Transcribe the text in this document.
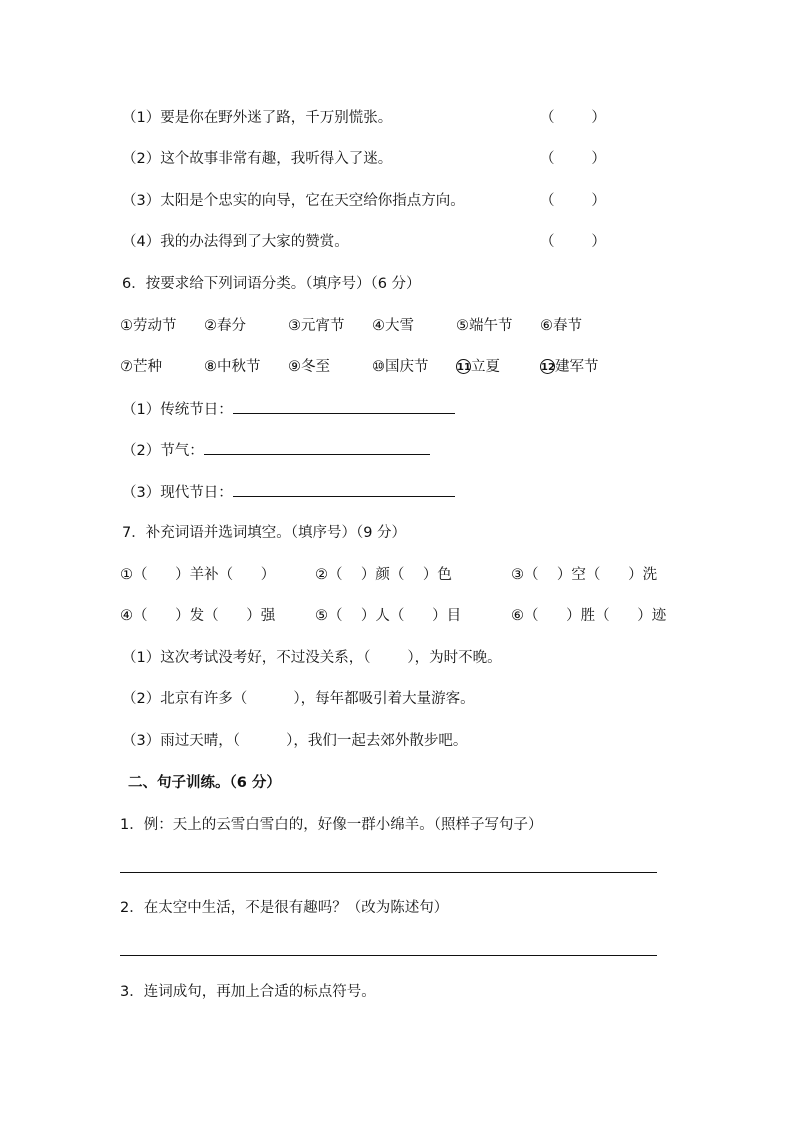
（1）要是你在野外迷了路，千万别慌张。	（        ）
（2）这个故事非常有趣，我听得入了迷。	（        ）
（3）太阳是个忠实的向导，它在天空给你指点方向。	（        ）
（4）我的办法得到了大家的赞赏。	（        ）
6．按要求给下列词语分类。（填序号）（6 分）
①劳动节 ②春分	③元宵节 ④大雪	⑤端午节 ⑥春节
⑦芒种	⑧中秋节 ⑨冬至	⑩国庆节	11立夏	12建军节
（1）传统节日：
（2）节气：
（3）现代节日：
7．补充词语并选词填空。（填序号）（9 分）
①（      ）羊补（      ）	②（    ）颜（    ）色	③（    ）空（      ）洗
④（      ）发（      ）强	⑤（    ）人（      ）目	⑥（      ）胜（      ）迹
（1）这次考试没考好，不过没关系，（        ），为时不晚。
（2）北京有许多（          ），每年都吸引着大量游客。
（3）雨过天晴，（          ），我们一起去郊外散步吧。
二、句子训练。（6 分）
1．例：天上的云雪白雪白的，好像一群小绵羊。（照样子写句子）
2．在太空中生活，不是很有趣吗？（改为陈述句）
3．连词成句，再加上合适的标点符号。
